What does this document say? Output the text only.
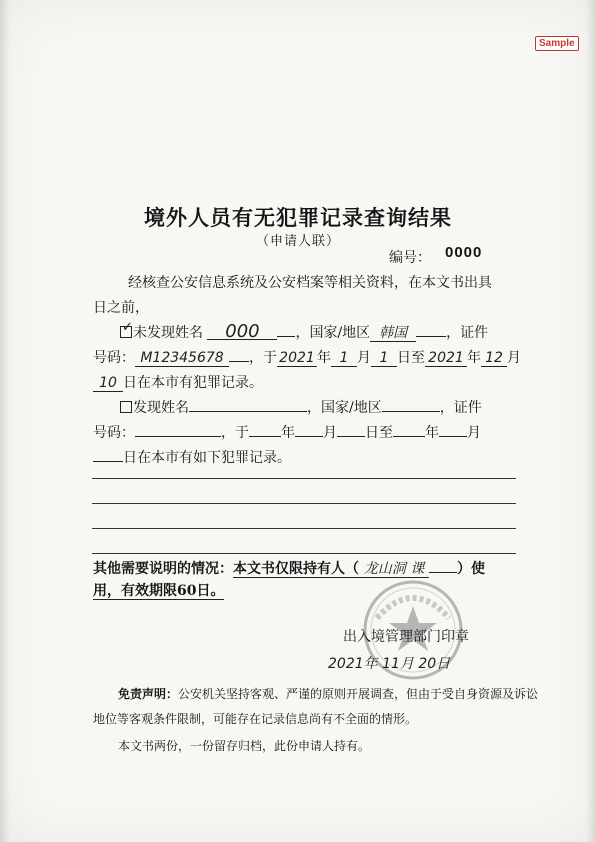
Sample
境外人员有无犯罪记录查询结果
（申请人联）
编号： 0000
经核查公安信息系统及公安档案等相关资料，在本文书出具
日之前，
✓ 未发现姓名 000	，国家/地区 韩国	，证件
号码： M12345678 ，于 2021 年 1 月 1 日至 2021 年 12 月
10 日在本市有犯罪记录。
发现姓名	，国家/地区	，证件
号码：	，于 年 月 日至 年 月
日在本市有如下犯罪记录。
其他需要说明的情况：本文书仅限持有人（ 龙山洞 课 ）使
用，有效期限60日。
出入境管理部门印章
2021年 11月 20日
免责声明：公安机关坚持客观、严谨的原则开展调查，但由于受自身资源及诉讼
地位等客观条件限制，可能存在记录信息尚有不全面的情形。
本文书两份，一份留存归档，此份申请人持有。
